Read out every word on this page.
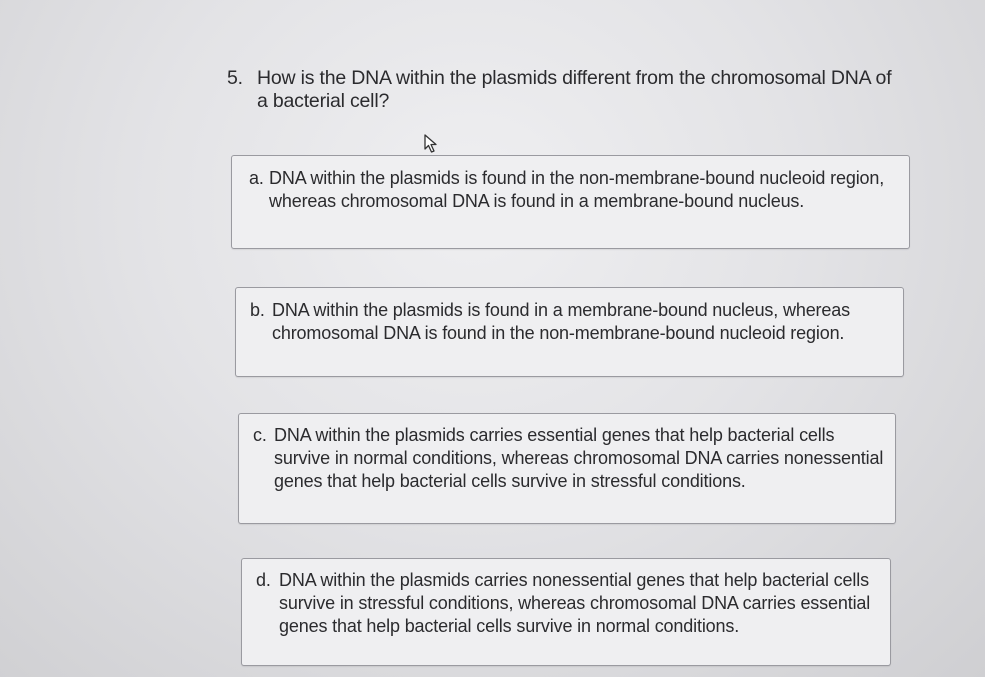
5. How is the DNA within the plasmids different from the chromosomal DNA of a bacterial cell?
a. DNA within the plasmids is found in the non-membrane-bound nucleoid region, whereas chromosomal DNA is found in a membrane-bound nucleus.
b. DNA within the plasmids is found in a membrane-bound nucleus, whereas chromosomal DNA is found in the non-membrane-bound nucleoid region.
c. DNA within the plasmids carries essential genes that help bacterial cells survive in normal conditions, whereas chromosomal DNA carries nonessential genes that help bacterial cells survive in stressful conditions.
d. DNA within the plasmids carries nonessential genes that help bacterial cells survive in stressful conditions, whereas chromosomal DNA carries essential genes that help bacterial cells survive in normal conditions.
